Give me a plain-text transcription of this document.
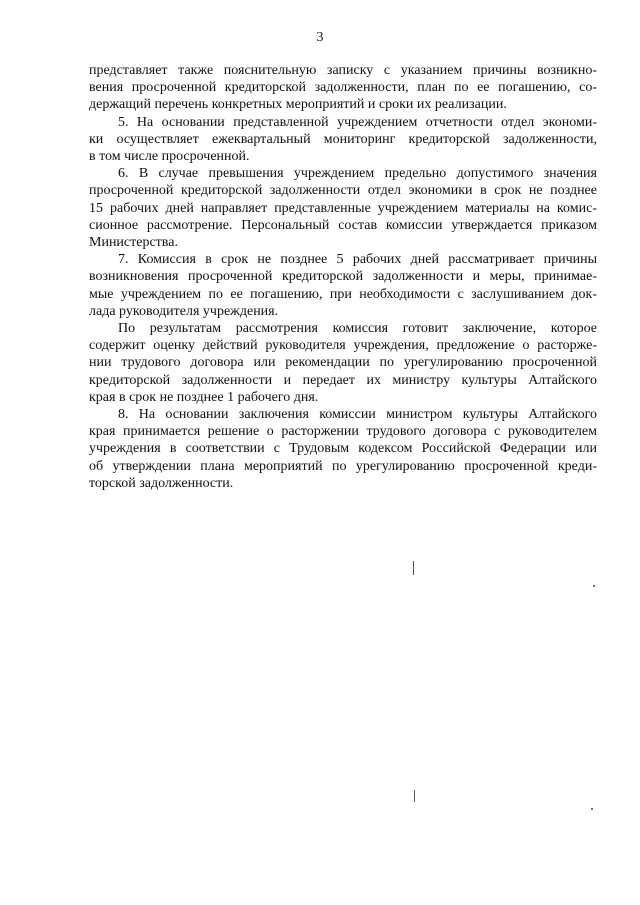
3

представляет также пояснительную записку с указанием причины возникно-
вения просроченной кредиторской задолженности, план по ее погашению, со-
держащий перечень конкретных мероприятий и сроки их реализации.

5. На основании представленной учреждением отчетности отдел экономи-
ки осуществляет ежеквартальный мониторинг кредиторской задолженности,
в том числе просроченной.

6. В случае превышения учреждением предельно допустимого значения
просроченной кредиторской задолженности отдел экономики в срок не позднее
15 рабочих дней направляет представленные учреждением материалы на комис-
сионное рассмотрение. Персональный состав комиссии утверждается приказом
Министерства.

7. Комиссия в срок не позднее 5 рабочих дней рассматривает причины
возникновения просроченной кредиторской задолженности и меры, принимае-
мые учреждением по ее погашению, при необходимости с заслушиванием док-
лада руководителя учреждения.

По результатам рассмотрения комиссия готовит заключение, которое
содержит оценку действий руководителя учреждения, предложение о расторже-
нии трудового договора или рекомендации по урегулированию просроченной
кредиторской задолженности и передает их министру культуры Алтайского
края в срок не позднее 1 рабочего дня.

8. На основании заключения комиссии министром культуры Алтайского
края принимается решение о расторжении трудового договора с руководителем
учреждения в соответствии с Трудовым кодексом Российской Федерации или
об утверждении плана мероприятий по урегулированию просроченной креди-
торской задолженности.
